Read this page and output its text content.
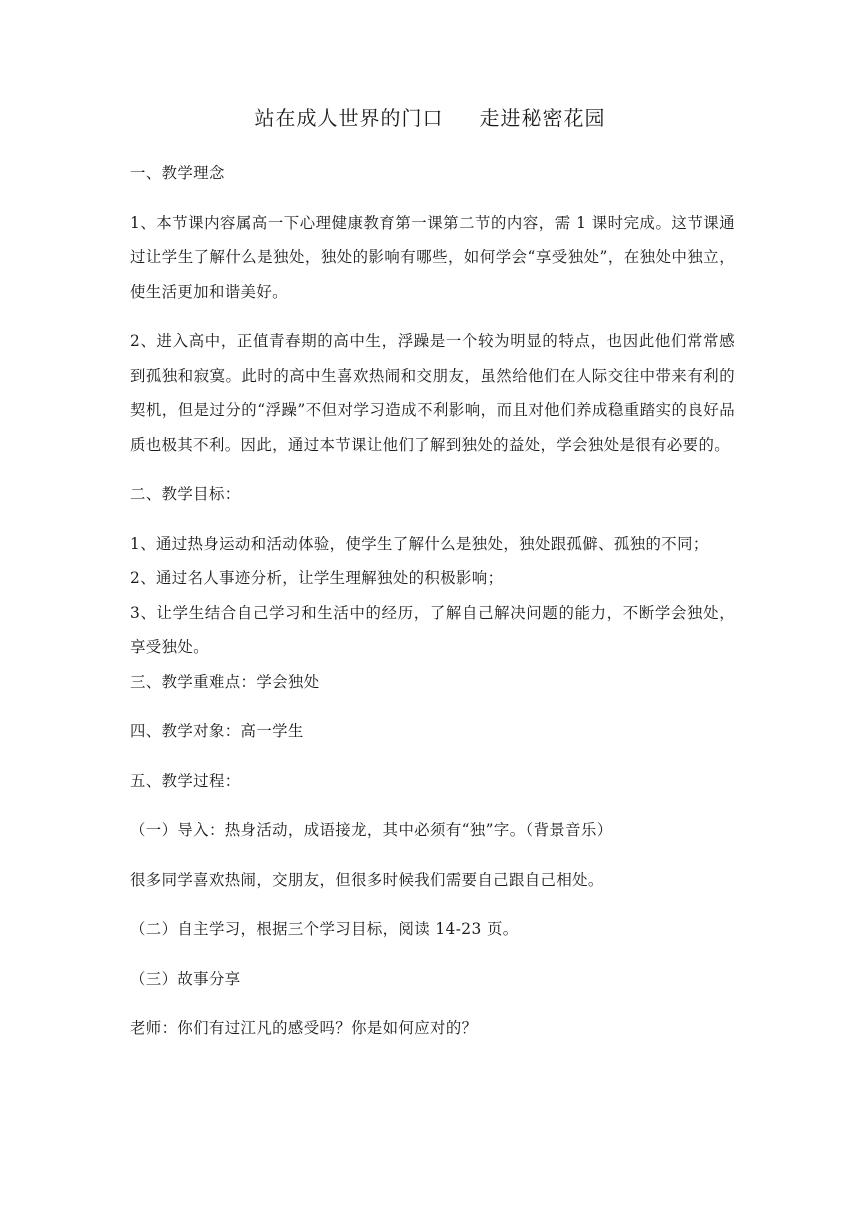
站在成人世界的门口 走进秘密花园

一、教学理念

1、本节课内容属高一下心理健康教育第一课第二节的内容，需 1 课时完成。这节课通过让学生了解什么是独处，独处的影响有哪些，如何学会“享受独处”，在独处中独立，使生活更加和谐美好。

2、进入高中，正值青春期的高中生，浮躁是一个较为明显的特点，也因此他们常常感到孤独和寂寞。此时的高中生喜欢热闹和交朋友，虽然给他们在人际交往中带来有利的契机，但是过分的“浮躁”不但对学习造成不利影响，而且对他们养成稳重踏实的良好品质也极其不利。因此，通过本节课让他们了解到独处的益处，学会独处是很有必要的。

二、教学目标：

1、通过热身运动和活动体验，使学生了解什么是独处，独处跟孤僻、孤独的不同；

2、通过名人事迹分析，让学生理解独处的积极影响；

3、让学生结合自己学习和生活中的经历，了解自己解决问题的能力，不断学会独处，享受独处。

三、教学重难点：学会独处

四、教学对象：高一学生

五、教学过程：

（一）导入：热身活动，成语接龙，其中必须有“独”字。（背景音乐）

很多同学喜欢热闹，交朋友，但很多时候我们需要自己跟自己相处。

（二）自主学习，根据三个学习目标，阅读 14-23 页。

（三）故事分享

老师：你们有过江凡的感受吗？你是如何应对的？
